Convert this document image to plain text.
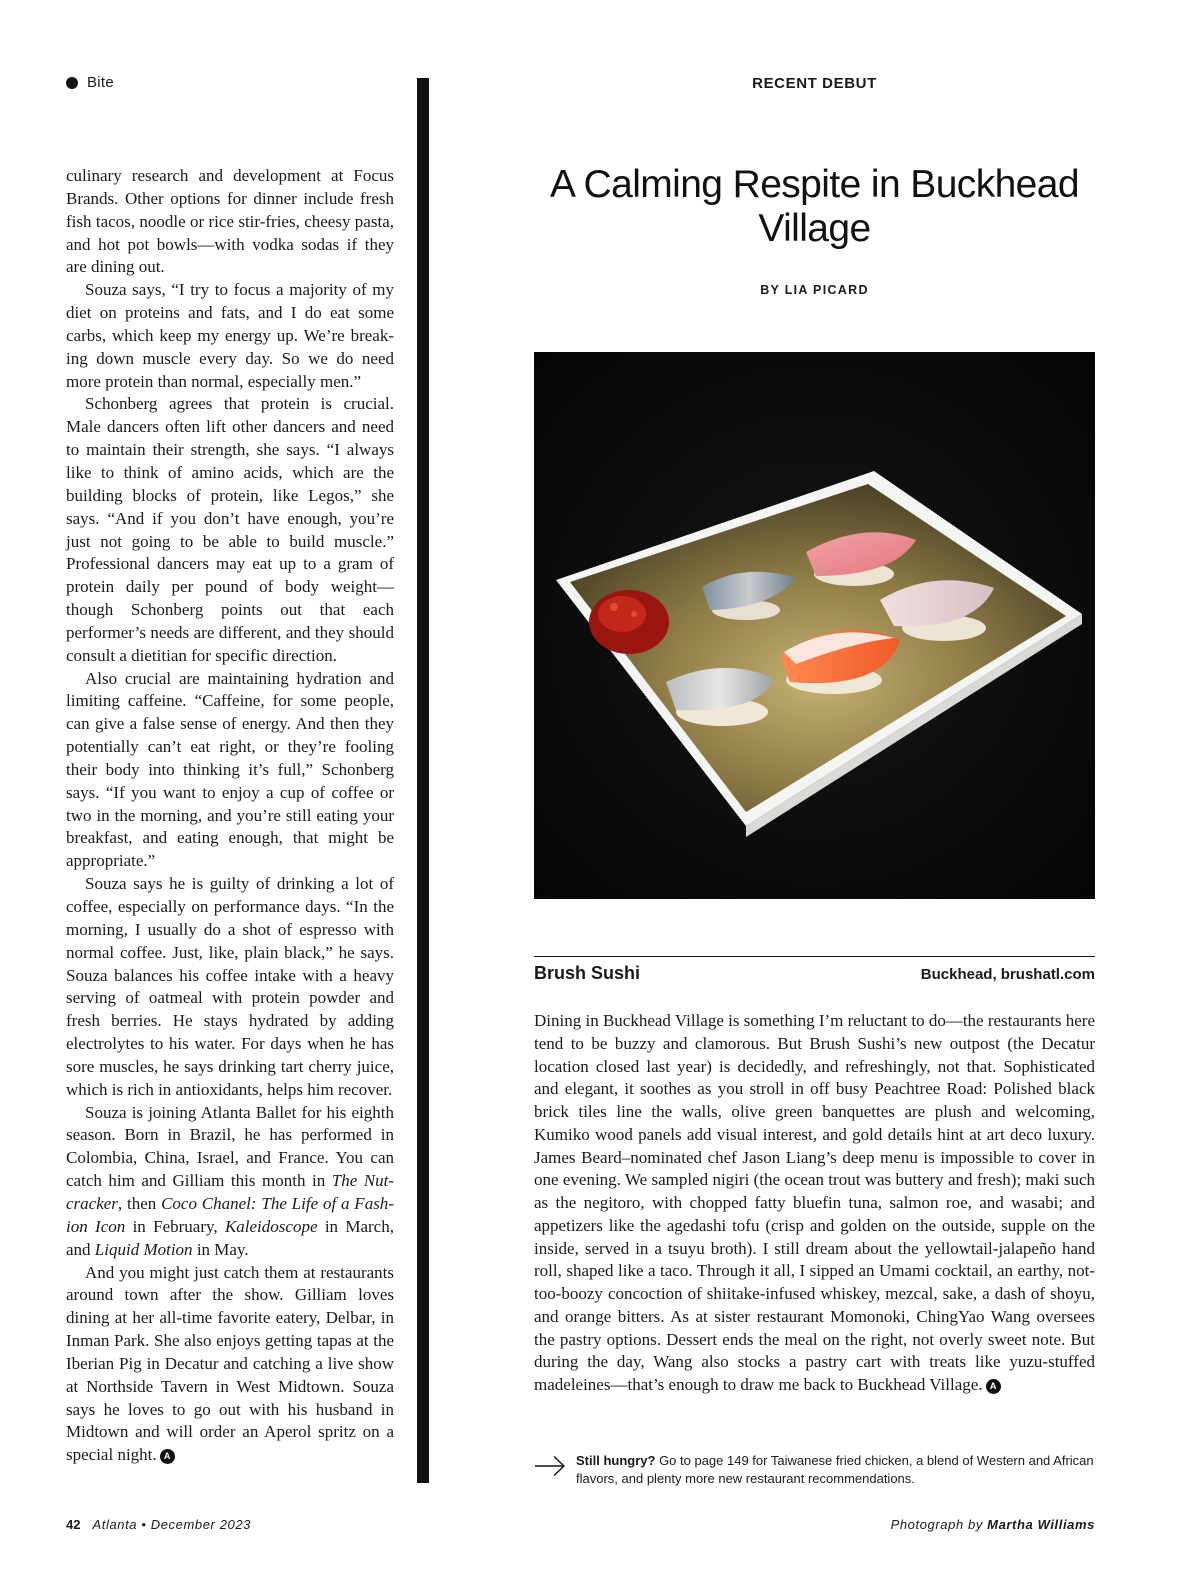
Bite	RECENT DEBUT

culinary research and development at Focus Brands. Other options for dinner include fresh fish tacos, noodle or rice stir-fries, cheesy pasta, and hot pot bowls—with vodka sodas if they are dining out.

Souza says, “I try to focus a majority of my diet on proteins and fats, and I do eat some carbs, which keep my energy up. We’re breaking down muscle every day. So we do need more protein than normal, especially men.”

Schonberg agrees that protein is crucial. Male dancers often lift other dancers and need to maintain their strength, she says. “I always like to think of amino acids, which are the building blocks of protein, like Legos,” she says. “And if you don’t have enough, you’re just not going to be able to build muscle.” Professional dancers may eat up to a gram of protein daily per pound of body weight—though Schonberg points out that each performer’s needs are different, and they should consult a dietitian for specific direction.

Also crucial are maintaining hydration and limiting caffeine. “Caffeine, for some people, can give a false sense of energy. And then they potentially can’t eat right, or they’re fooling their body into thinking it’s full,” Schonberg says. “If you want to enjoy a cup of coffee or two in the morning, and you’re still eating your breakfast, and eating enough, that might be appropriate.”

Souza says he is guilty of drinking a lot of coffee, especially on performance days. “In the morning, I usually do a shot of espresso with normal coffee. Just, like, plain black,” he says. Souza balances his coffee intake with a heavy serving of oatmeal with protein powder and fresh berries. He stays hydrated by adding electrolytes to his water. For days when he has sore muscles, he says drinking tart cherry juice, which is rich in antioxidants, helps him recover.

Souza is joining Atlanta Ballet for his eighth season. Born in Brazil, he has performed in Colombia, China, Israel, and France. You can catch him and Gilliam this month in The Nutcracker, then Coco Chanel: The Life of a Fashion Icon in February, Kaleidoscope in March, and Liquid Motion in May.

And you might just catch them at restaurants around town after the show. Gilliam loves dining at her all-time favorite eatery, Delbar, in Inman Park. She also enjoys getting tapas at the Iberian Pig in Decatur and catching a live show at Northside Tavern in West Midtown. Souza says he loves to go out with his husband in Midtown and will order an Aperol spritz on a special night. A

A Calming Respite in Buckhead Village
BY LIA PICARD
Brush Sushi	Buckhead, brushatl.com

Dining in Buckhead Village is something I’m reluctant to do—the restaurants here tend to be buzzy and clamorous. But Brush Sushi’s new outpost (the Decatur location closed last year) is decidedly, and refreshingly, not that. Sophisticated and elegant, it soothes as you stroll in off busy Peachtree Road: Polished black brick tiles line the walls, olive green banquettes are plush and welcoming, Kumiko wood panels add visual interest, and gold details hint at art deco luxury. James Beard–nominated chef Jason Liang’s deep menu is impossible to cover in one evening. We sampled nigiri (the ocean trout was buttery and fresh); maki such as the negitoro, with chopped fatty bluefin tuna, salmon roe, and wasabi; and appetizers like the agedashi tofu (crisp and golden on the outside, supple on the inside, served in a tsuyu broth). I still dream about the yellowtail-jalapeño hand roll, shaped like a taco. Through it all, I sipped an Umami cocktail, an earthy, not-too-boozy concoction of shiitake-infused whiskey, mezcal, sake, a dash of shoyu, and orange bitters. As at sister restaurant Momonoki, ChingYao Wang oversees the pastry options. Dessert ends the meal on the right, not overly sweet note. But during the day, Wang also stocks a pastry cart with treats like yuzu-stuffed madeleines—that’s enough to draw me back to Buckhead Village. A

Still hungry? Go to page 149 for Taiwanese fried chicken, a blend of Western and African flavors, and plenty more new restaurant recommendations.
42 Atlanta • December 2023	Photograph by Martha Williams
